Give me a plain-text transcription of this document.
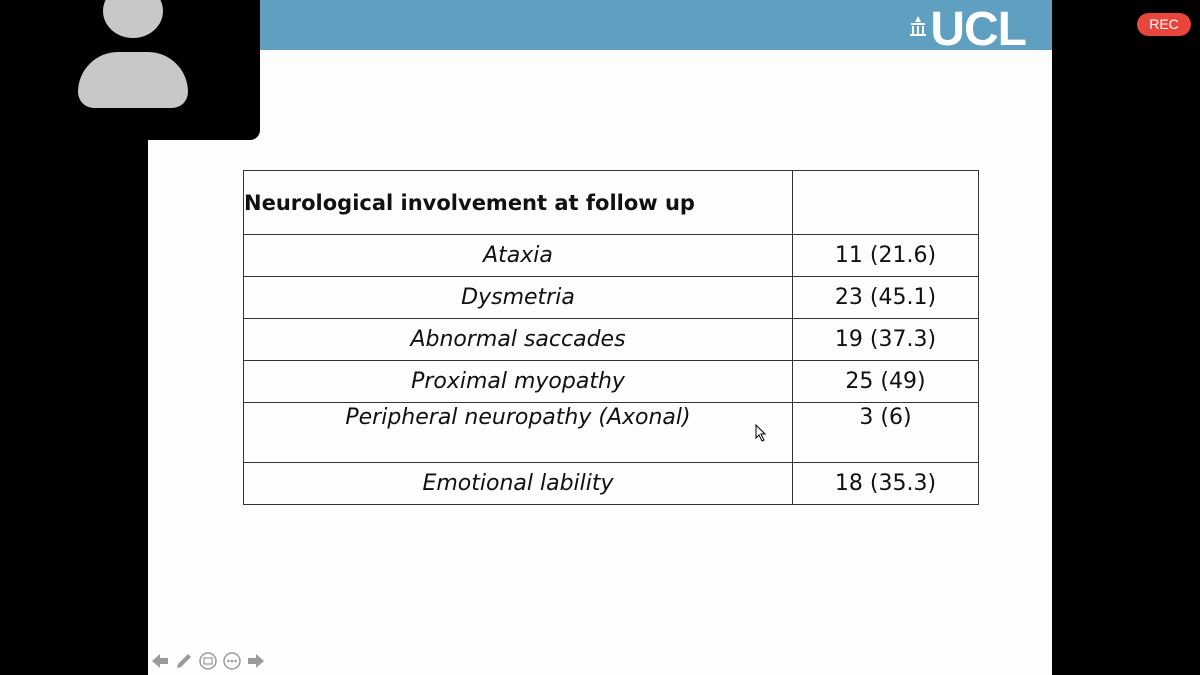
UCL
Neurological involvement at follow up	
Ataxia	11 (21.6)
Dysmetria	23 (45.1)
Abnormal saccades	19 (37.3)
Proximal myopathy	25 (49)
Peripheral neuropathy (Axonal)	3 (6)
Emotional lability	18 (35.3)
REC
